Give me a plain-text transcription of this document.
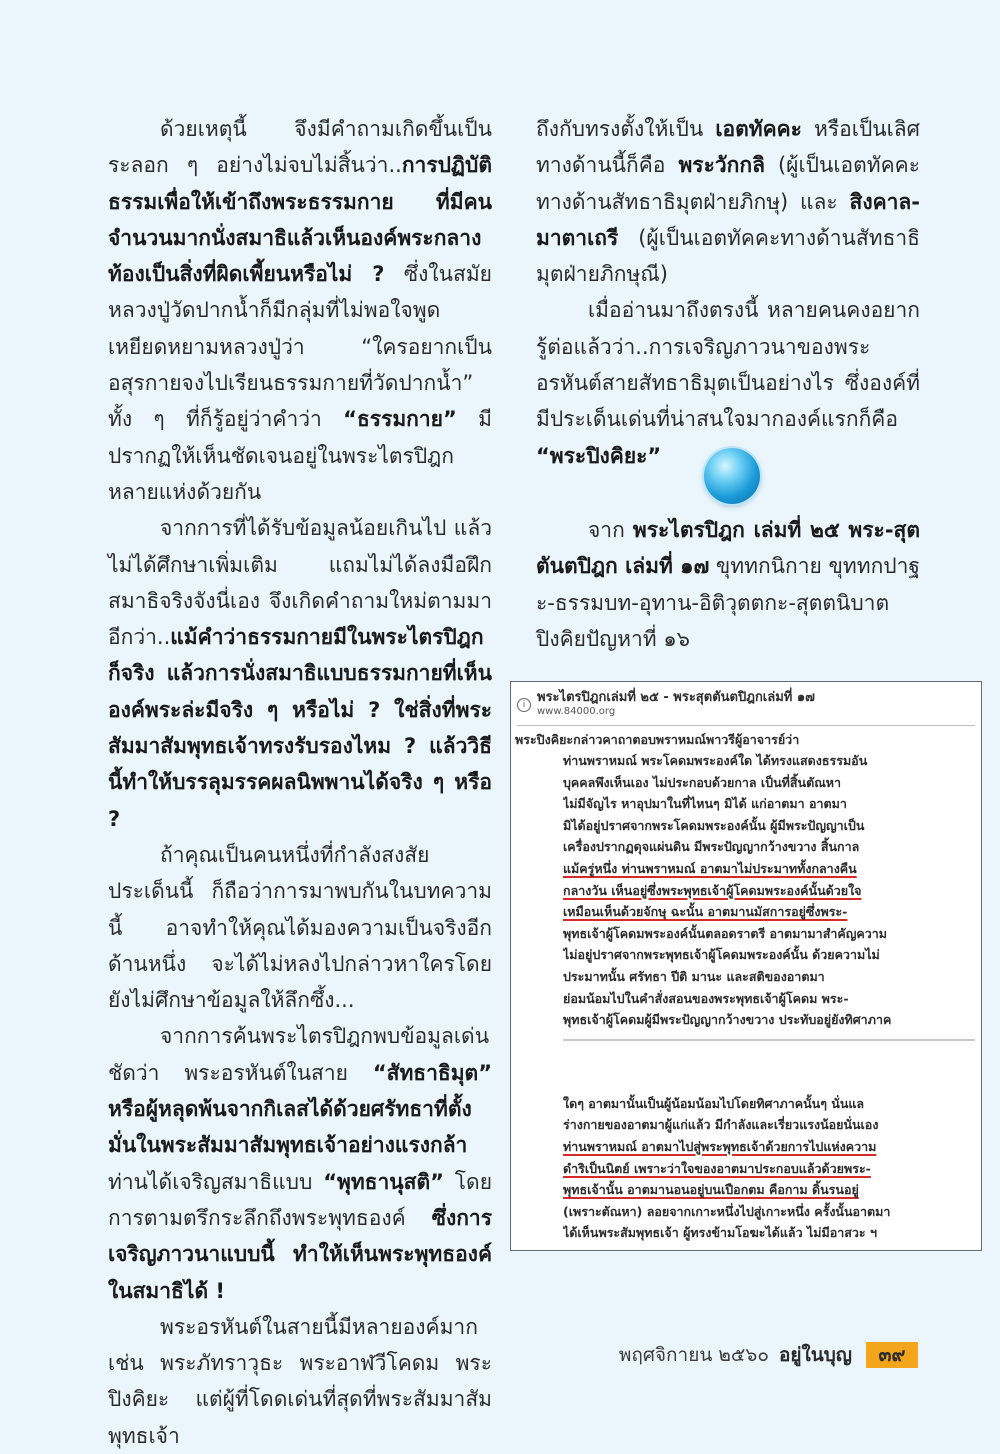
ด้วยเหตุนี้ จึงมีคำถามเกิดขึ้นเป็นระลอก ๆ อย่างไม่จบไม่สิ้นว่า..การปฏิบัติธรรมเพื่อให้เข้าถึงพระธรรมกาย ที่มีคนจำนวนมากนั่งสมาธิแล้วเห็นองค์พระกลางท้องเป็นสิ่งที่ผิดเพี้ยนหรือไม่ ? ซึ่งในสมัยหลวงปู่วัดปากน้ำก็มีกลุ่มที่ไม่พอใจพูดเหยียดหยามหลวงปู่ว่า “ใครอยากเป็นอสุรกายจงไปเรียนธรรมกายที่วัดปากน้ำ” ทั้ง ๆ ที่ก็รู้อยู่ว่าคำว่า “ธรรมกาย” มีปรากฏให้เห็นชัดเจนอยู่ในพระไตรปิฎกหลายแห่งด้วยกัน

จากการที่ได้รับข้อมูลน้อยเกินไป แล้วไม่ได้ศึกษาเพิ่มเติม แถมไม่ได้ลงมือฝึกสมาธิจริงจังนี่เอง จึงเกิดคำถามใหม่ตามมาอีกว่า..แม้คำว่าธรรมกายมีในพระไตรปิฎกก็จริง แล้วการนั่งสมาธิแบบธรรมกายที่เห็นองค์พระล่ะมีจริง ๆ หรือไม่ ? ใช่สิ่งที่พระสัมมาสัมพุทธเจ้าทรงรับรองไหม ? แล้ววิธีนี้ทำให้บรรลุมรรคผลนิพพานได้จริง ๆ หรือ ?

ถ้าคุณเป็นคนหนึ่งที่กำลังสงสัยประเด็นนี้ ก็ถือว่าการมาพบกันในบทความนี้ อาจทำให้คุณได้มองความเป็นจริงอีกด้านหนึ่ง จะได้ไม่หลงไปกล่าวหาใครโดยยังไม่ศึกษาข้อมูลให้ลึกซึ้ง...

จากการค้นพระไตรปิฎกพบข้อมูลเด่นชัดว่า พระอรหันต์ในสาย “สัทธาธิมุต” หรือผู้หลุดพ้นจากกิเลสได้ด้วยศรัทธาที่ตั้งมั่นในพระสัมมาสัมพุทธเจ้าอย่างแรงกล้า ท่านได้เจริญสมาธิแบบ “พุทธานุสติ” โดยการตามตรึกระลึกถึงพระพุทธองค์ ซึ่งการเจริญภาวนาแบบนี้ ทำให้เห็นพระพุทธองค์ในสมาธิได้ !

พระอรหันต์ในสายนี้มีหลายองค์มาก เช่น พระภัทราวุธะ พระอาฬวีโคดม พระปิงคิยะ แต่ผู้ที่โดดเด่นที่สุดที่พระสัมมาสัมพุทธเจ้า

ถึงกับทรงตั้งให้เป็น เอตทัคคะ หรือเป็นเลิศทางด้านนี้ก็คือ พระวักกลิ (ผู้เป็นเอตทัคคะทางด้านสัทธาธิมุตฝ่ายภิกษุ) และ สิงคาล-มาตาเถรี (ผู้เป็นเอตทัคคะทางด้านสัทธาธิมุตฝ่ายภิกษุณี)

เมื่ออ่านมาถึงตรงนี้ หลายคนคงอยากรู้ต่อแล้วว่า..การเจริญภาวนาของพระอรหันต์สายสัทธาธิมุตเป็นอย่างไร ซึ่งองค์ที่มีประเด็นเด่นที่น่าสนใจมากองค์แรกก็คือ “พระปิงคิยะ”

จาก พระไตรปิฎก เล่มที่ ๒๕ พระ-สุตตันตปิฎก เล่มที่ ๑๗ ขุททกนิกาย ขุททกปาฐะ-ธรรมบท-อุทาน-อิติวุตตกะ-สุตตนิบาตปิงคิยปัญหาที่ ๑๖

i พระไตรปิฎกเล่มที่ ๒๕ - พระสุตตันตปิฎกเล่มที่ ๑๗
www.84000.org
พระปิงคิยะกล่าวคาถาตอบพราหมณ์พาวรีผู้อาจารย์ว่า
ท่านพราหมณ์ พระโคดมพระองค์ใด ได้ทรงแสดงธรรมอัน
บุคคลพึงเห็นเอง ไม่ประกอบด้วยกาล เป็นที่สิ้นตัณหา
ไม่มีจัญไร หาอุปมาในที่ไหนๆ มิได้ แก่อาตมา อาตมา
มิได้อยู่ปราศจากพระโคดมพระองค์นั้น ผู้มีพระปัญญาเป็น
เครื่องปรากฏดุจแผ่นดิน มีพระปัญญากว้างขวาง สิ้นกาล
แม้ครู่หนึ่ง ท่านพราหมณ์ อาตมาไม่ประมาททั้งกลางคืน
กลางวัน เห็นอยู่ซึ่งพระพุทธเจ้าผู้โคดมพระองค์นั้นด้วยใจ
เหมือนเห็นด้วยจักษุ ฉะนั้น อาตมานมัสการอยู่ซึ่งพระ-
พุทธเจ้าผู้โคดมพระองค์นั้นตลอดราตรี อาตมามาสำคัญความ
ไม่อยู่ปราศจากพระพุทธเจ้าผู้โคดมพระองค์นั้น ด้วยความไม่
ประมาทนั้น ศรัทธา ปีติ มานะ และสติของอาตมา
ย่อมน้อมไปในคำสั่งสอนของพระพุทธเจ้าผู้โคดม พระ-
พุทธเจ้าผู้โคดมผู้มีพระปัญญากว้างขวาง ประทับอยู่ยังทิศาภาค
ใดๆ อาตมานั้นเป็นผู้น้อมน้อมไปโดยทิศาภาคนั้นๆ นั่นแล
ร่างกายของอาตมาผู้แก่แล้ว มีกำลังและเรี่ยวแรงน้อยนั่นเอง
ท่านพราหมณ์ อาตมาไปสู่พระพุทธเจ้าด้วยการไปแห่งความ
ดำริเป็นนิตย์ เพราะว่าใจของอาตมาประกอบแล้วด้วยพระ-
พุทธเจ้านั้น อาตมานอนอยู่บนเปือกตม คือกาม ดิ้นรนอยู่
(เพราะตัณหา) ลอยจากเกาะหนึ่งไปสู่เกาะหนึ่ง ครั้งนั้นอาตมา
ได้เห็นพระสัมพุทธเจ้า ผู้ทรงข้ามโอฆะได้แล้ว ไม่มีอาสวะ ฯ
พฤศจิกายน ๒๕๖๐ อยู่ในบุญ	๓๙
